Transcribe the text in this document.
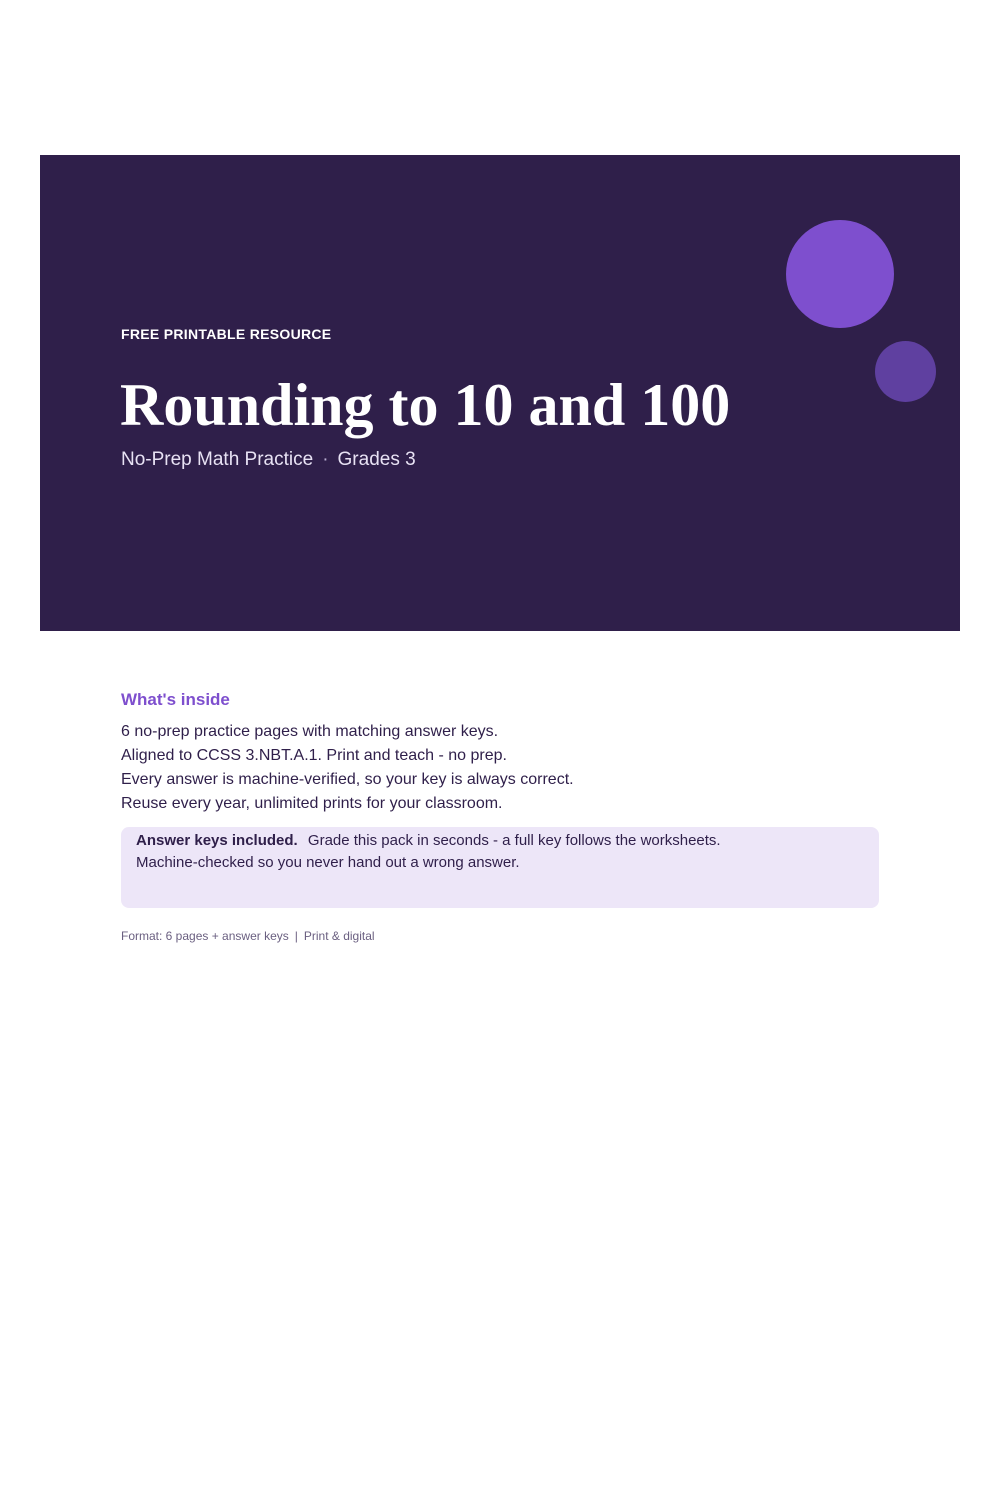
FREE PRINTABLE RESOURCE
Rounding to 10 and 100
No-Prep Math Practice · Grades 3
What's inside
6 no-prep practice pages with matching answer keys.
Aligned to CCSS 3.NBT.A.1. Print and teach - no prep.
Every answer is machine-verified, so your key is always correct.
Reuse every year, unlimited prints for your classroom.
Answer keys included. Grade this pack in seconds - a full key follows the worksheets.
Machine-checked so you never hand out a wrong answer.
Format: 6 pages + answer keys | Print & digital
